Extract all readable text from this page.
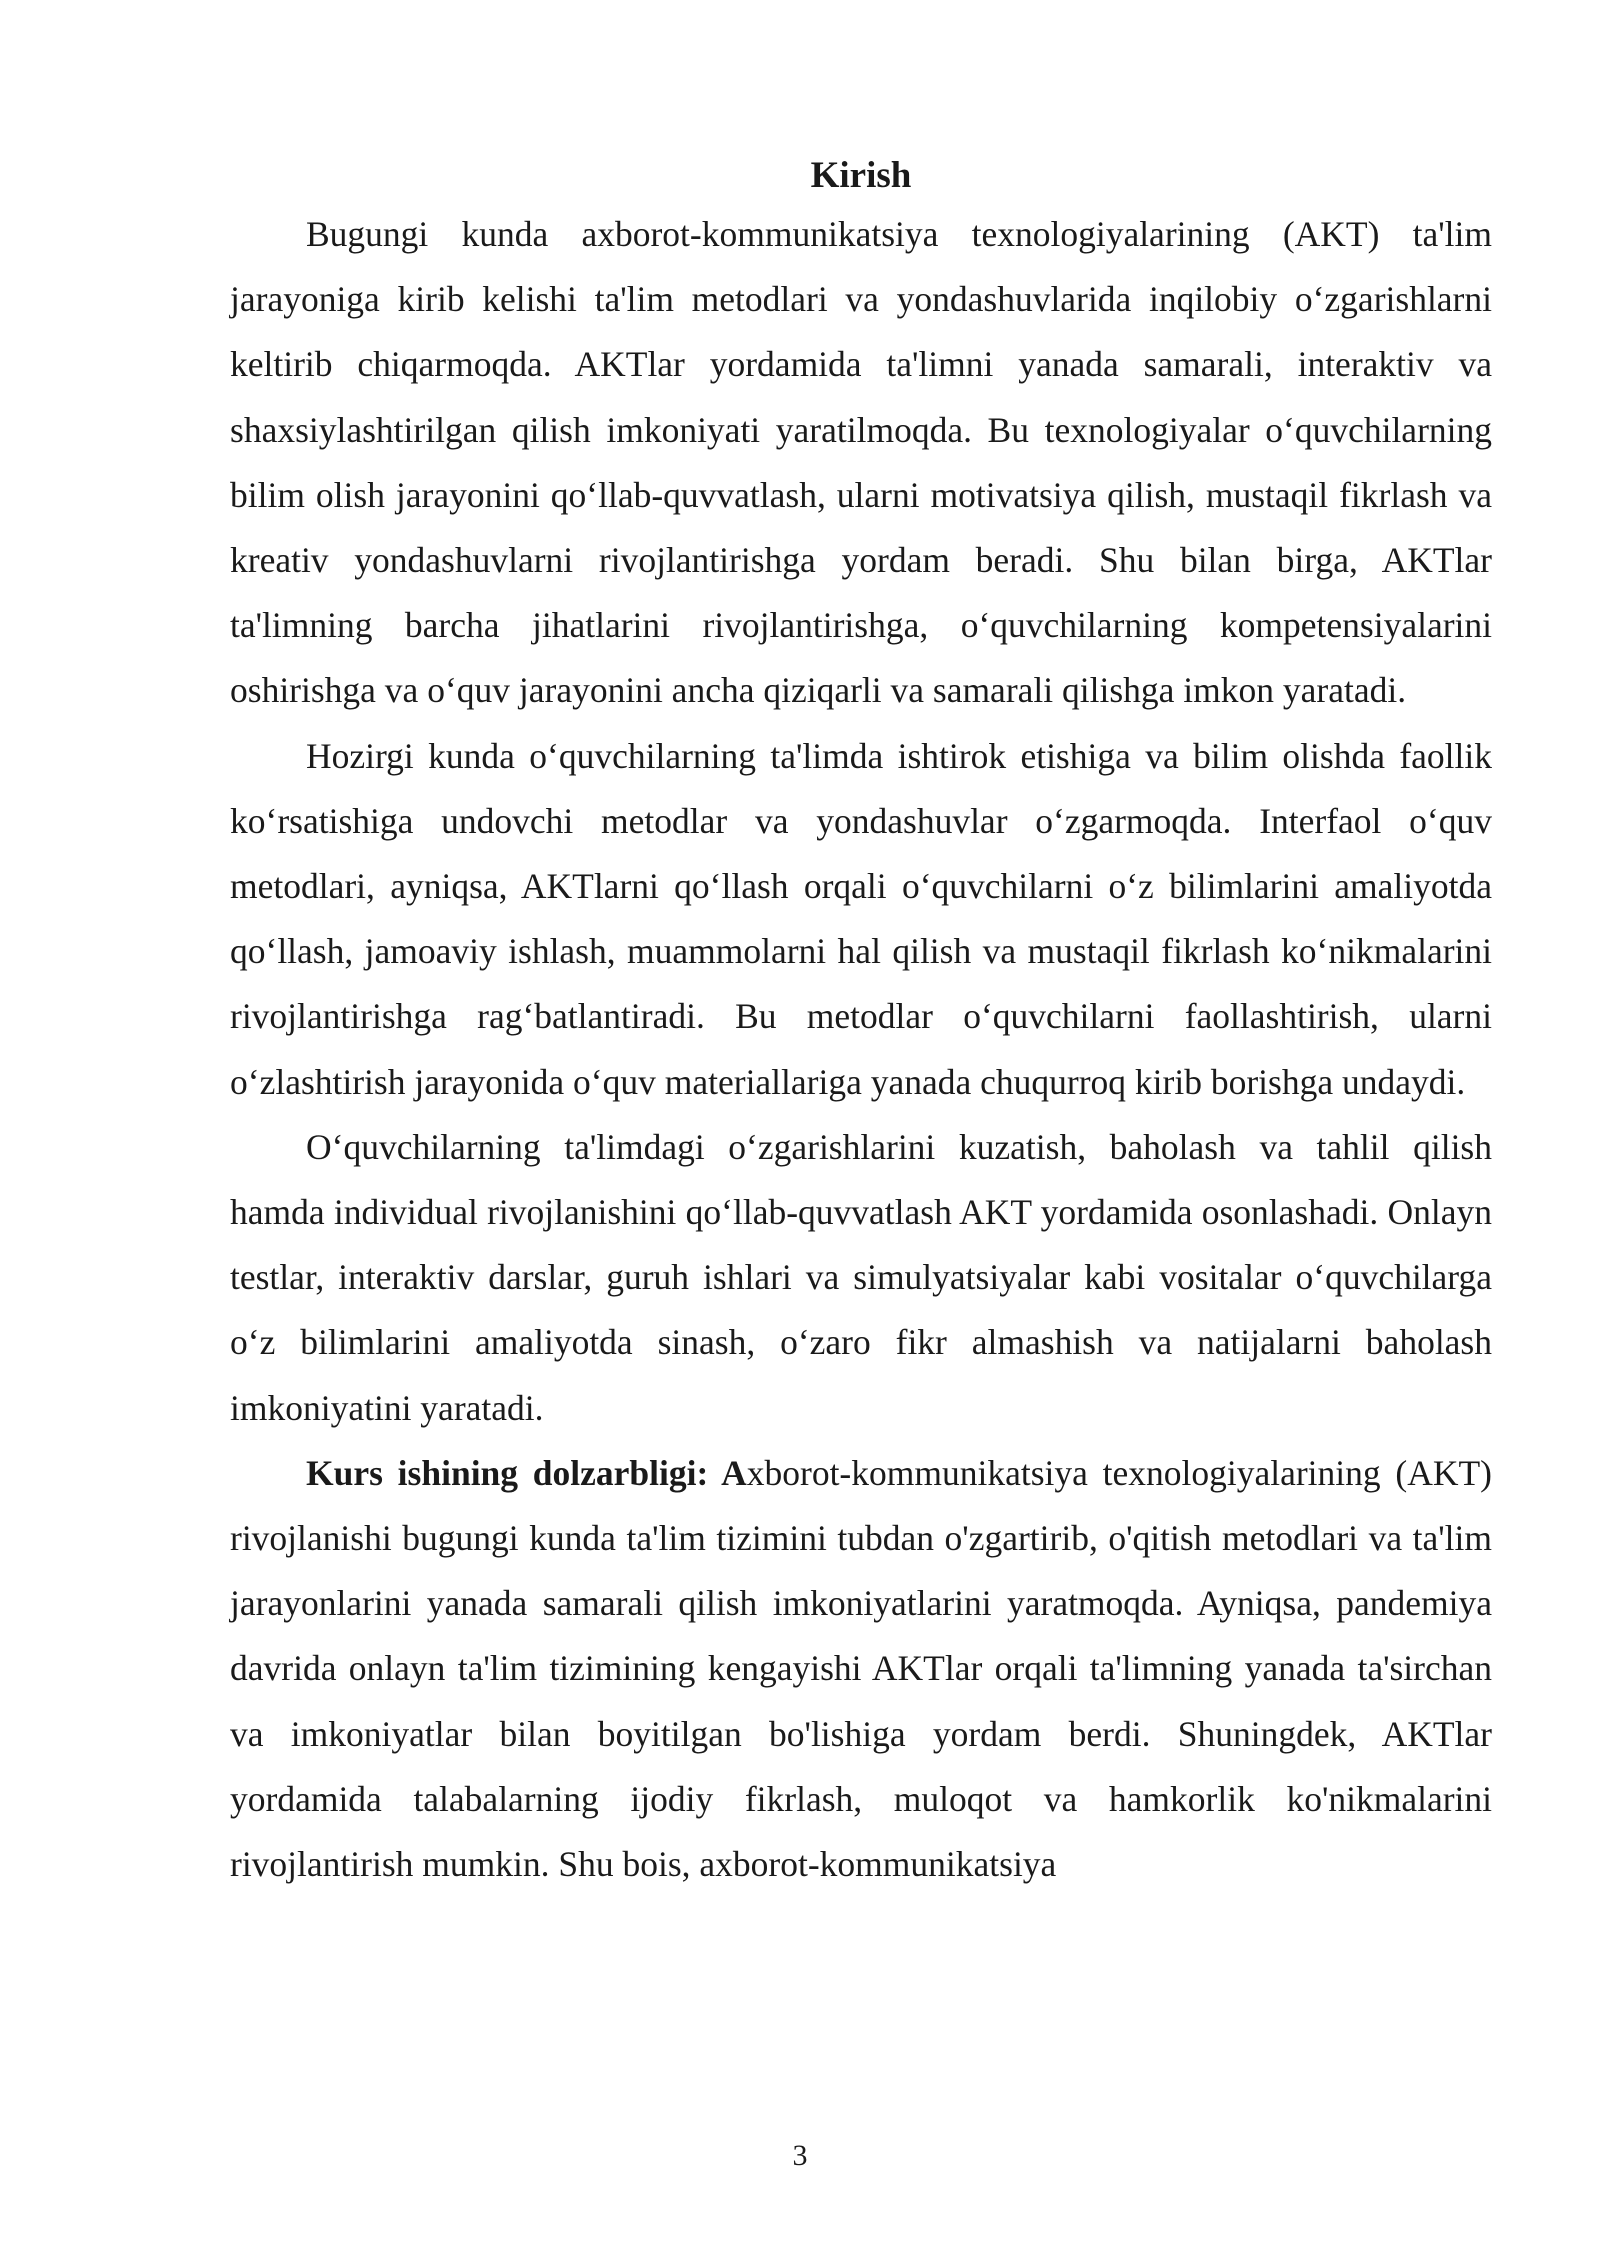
Kirish

Bugungi kunda axborot-kommunikatsiya texnologiyalarining (AKT) ta'lim jarayoniga kirib kelishi ta'lim metodlari va yondashuvlarida inqilobiy o‘zgarishlarni keltirib chiqarmoqda. AKTlar yordamida ta'limni yanada samarali, interaktiv va shaxsiylashtirilgan qilish imkoniyati yaratilmoqda. Bu texnologiyalar o‘quvchilarning bilim olish jarayonini qo‘llab-quvvatlash, ularni motivatsiya qilish, mustaqil fikrlash va kreativ yondashuvlarni rivojlantirishga yordam beradi. Shu bilan birga, AKTlar ta'limning barcha jihatlarini rivojlantirishga, o‘quvchilarning kompetensiyalarini oshirishga va o‘quv jarayonini ancha qiziqarli va samarali qilishga imkon yaratadi.

Hozirgi kunda o‘quvchilarning ta'limda ishtirok etishiga va bilim olishda faollik ko‘rsatishiga undovchi metodlar va yondashuvlar o‘zgarmoqda. Interfaol o‘quv metodlari, ayniqsa, AKTlarni qo‘llash orqali o‘quvchilarni o‘z bilimlarini amaliyotda qo‘llash, jamoaviy ishlash, muammolarni hal qilish va mustaqil fikrlash ko‘nikmalarini rivojlantirishga rag‘batlantiradi. Bu metodlar o‘quvchilarni faollashtirish, ularni o‘zlashtirish jarayonida o‘quv materiallariga yanada chuqurroq kirib borishga undaydi.

O‘quvchilarning ta'limdagi o‘zgarishlarini kuzatish, baholash va tahlil qilish hamda individual rivojlanishini qo‘llab-quvvatlash AKT yordamida osonlashadi. Onlayn testlar, interaktiv darslar, guruh ishlari va simulyatsiyalar kabi vositalar o‘quvchilarga o‘z bilimlarini amaliyotda sinash, o‘zaro fikr almashish va natijalarni baholash imkoniyatini yaratadi.

Kurs ishining dolzarbligi: Axborot-kommunikatsiya texnologiyalarining (AKT) rivojlanishi bugungi kunda ta'lim tizimini tubdan o'zgartirib, o'qitish metodlari va ta'lim jarayonlarini yanada samarali qilish imkoniyatlarini yaratmoqda. Ayniqsa, pandemiya davrida onlayn ta'lim tizimining kengayishi AKTlar orqali ta'limning yanada ta'sirchan va imkoniyatlar bilan boyitilgan bo'lishiga yordam berdi. Shuningdek, AKTlar yordamida talabalarning ijodiy fikrlash, muloqot va hamkorlik ko'nikmalarini rivojlantirish mumkin. Shu bois, axborot-kommunikatsiya

3
